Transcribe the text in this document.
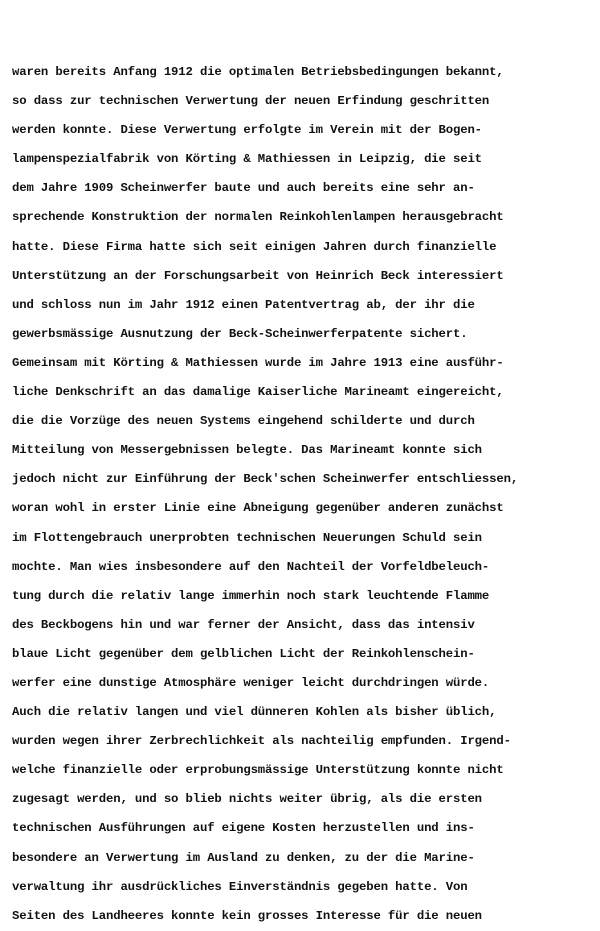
waren bereits Anfang 1912 die optimalen Betriebsbedingungen bekannt,
so dass zur technischen Verwertung der neuen Erfindung geschritten
werden konnte. Diese Verwertung erfolgte im Verein mit der Bogen-
lampenspezialfabrik von Körting & Mathiessen in Leipzig, die seit
dem Jahre 1909 Scheinwerfer baute und auch bereits eine sehr an-
sprechende Konstruktion der normalen Reinkohlenlampen herausgebracht
hatte. Diese Firma hatte sich seit einigen Jahren durch finanzielle
Unterstützung an der Forschungsarbeit von Heinrich Beck interessiert
und schloss nun im Jahr 1912 einen Patentvertrag ab, der ihr die
gewerbsmässige Ausnutzung der Beck-Scheinwerferpatente sichert.
Gemeinsam mit Körting & Mathiessen wurde im Jahre 1913 eine ausführ-
liche Denkschrift an das damalige Kaiserliche Marineamt eingereicht,
die die Vorzüge des neuen Systems eingehend schilderte und durch
Mitteilung von Messergebnissen belegte. Das Marineamt konnte sich
jedoch nicht zur Einführung der Beck'schen Scheinwerfer entschliessen,
woran wohl in erster Linie eine Abneigung gegenüber anderen zunächst
im Flottengebrauch unerprobten technischen Neuerungen Schuld sein
mochte. Man wies insbesondere auf den Nachteil der Vorfeldbeleuch-
tung durch die relativ lange immerhin noch stark leuchtende Flamme
des Beckbogens hin und war ferner der Ansicht, dass das intensiv
blaue Licht gegenüber dem gelblichen Licht der Reinkohlenschein-
werfer eine dunstige Atmosphäre weniger leicht durchdringen würde.
Auch die relativ langen und viel dünneren Kohlen als bisher üblich,
wurden wegen ihrer Zerbrechlichkeit als nachteilig empfunden. Irgend-
welche finanzielle oder erprobungsmässige Unterstützung konnte nicht
zugesagt werden, und so blieb nichts weiter übrig, als die ersten
technischen Ausführungen auf eigene Kosten herzustellen und ins-
besondere an Verwertung im Ausland zu denken, zu der die Marine-
verwaltung ihr ausdrückliches Einverständnis gegeben hatte. Von
Seiten des Landheeres konnte kein grosses Interesse für die neuen
